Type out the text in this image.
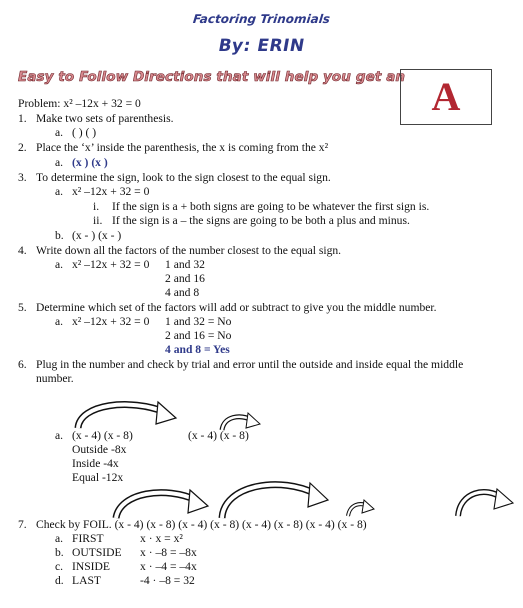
Factoring Trinomials
By: ERIN
Easy to Follow Directions that will help you get an A
Problem: x² –12x + 32 = 0
1. Make two sets of parenthesis.
a. ( ) ( )
2. Place the ‘x’ inside the parenthesis, the x is coming from the x²
a. (x ) (x )
3. To determine the sign, look to the sign closest to the equal sign.
a. x² –12x + 32 = 0
i. If the sign is a + both signs are going to be whatever the first sign is.
ii. If the sign is a – the signs are going to be both a plus and minus.
b. (x - ) (x - )
4. Write down all the factors of the number closest to the equal sign.
a. x² –12x + 32 = 0 1 and 32
2 and 16
4 and 8
5. Determine which set of the factors will add or subtract to give you the middle number.
a. x² –12x + 32 = 0 1 and 32 = No
2 and 16 = No
4 and 8 = Yes
6. Plug in the number and check by trial and error until the outside and inside equal the middle
number.
a. (x - 4) (x - 8)	(x - 4) (x - 8)
Outside -8x
Inside -4x
Equal -12x
7. Check by FOIL. (x - 4) (x - 8) (x - 4) (x - 8) (x - 4) (x - 8) (x - 4) (x - 8)
a. FIRST	x · x = x²
b. OUTSIDE x · –8 = –8x
c. INSIDE	x · –4 = –4x
d. LAST	-4 · –8 = 32
